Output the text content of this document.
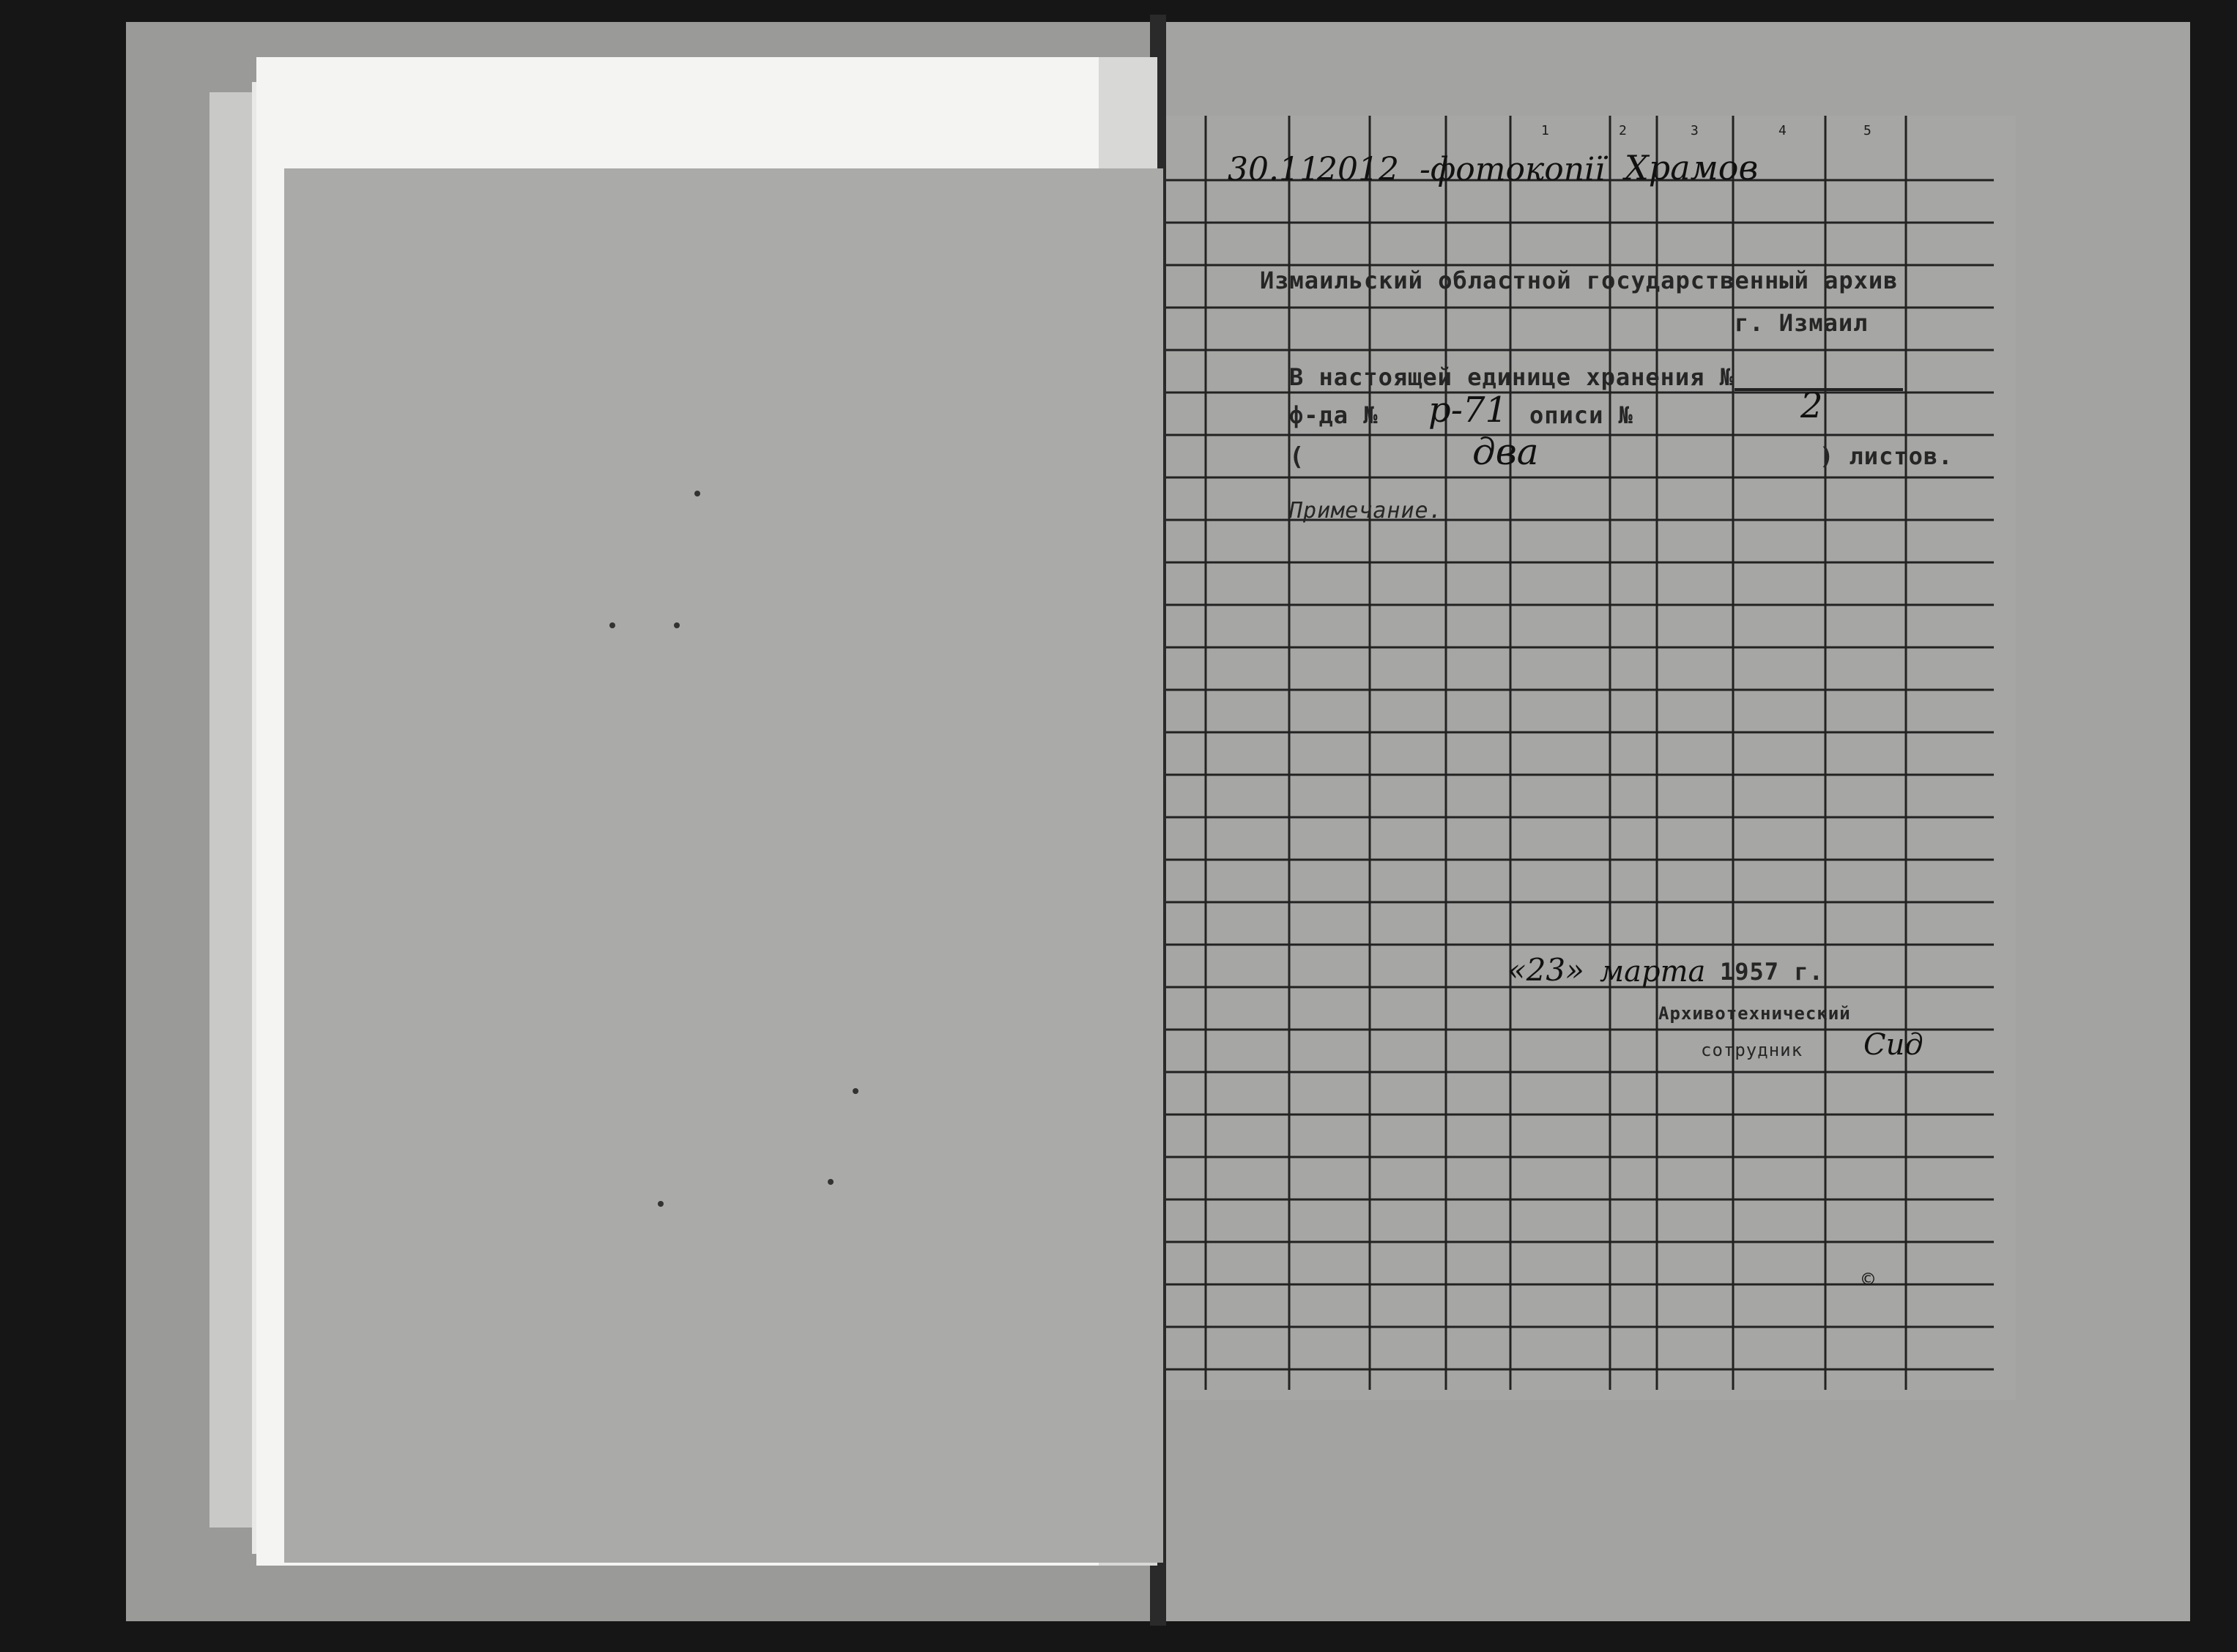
1	2	3	4	5
30.11
2012 -фотокопії Храмов
Измаильский областной государственный архив
г. Измаил
В настоящей единице хранения №
ф-да № р-71 описи №	2
(	два	) листов.
Примечание.
«23» марта 1957 г.
Архивотехнический
сотрудник Сид
©
